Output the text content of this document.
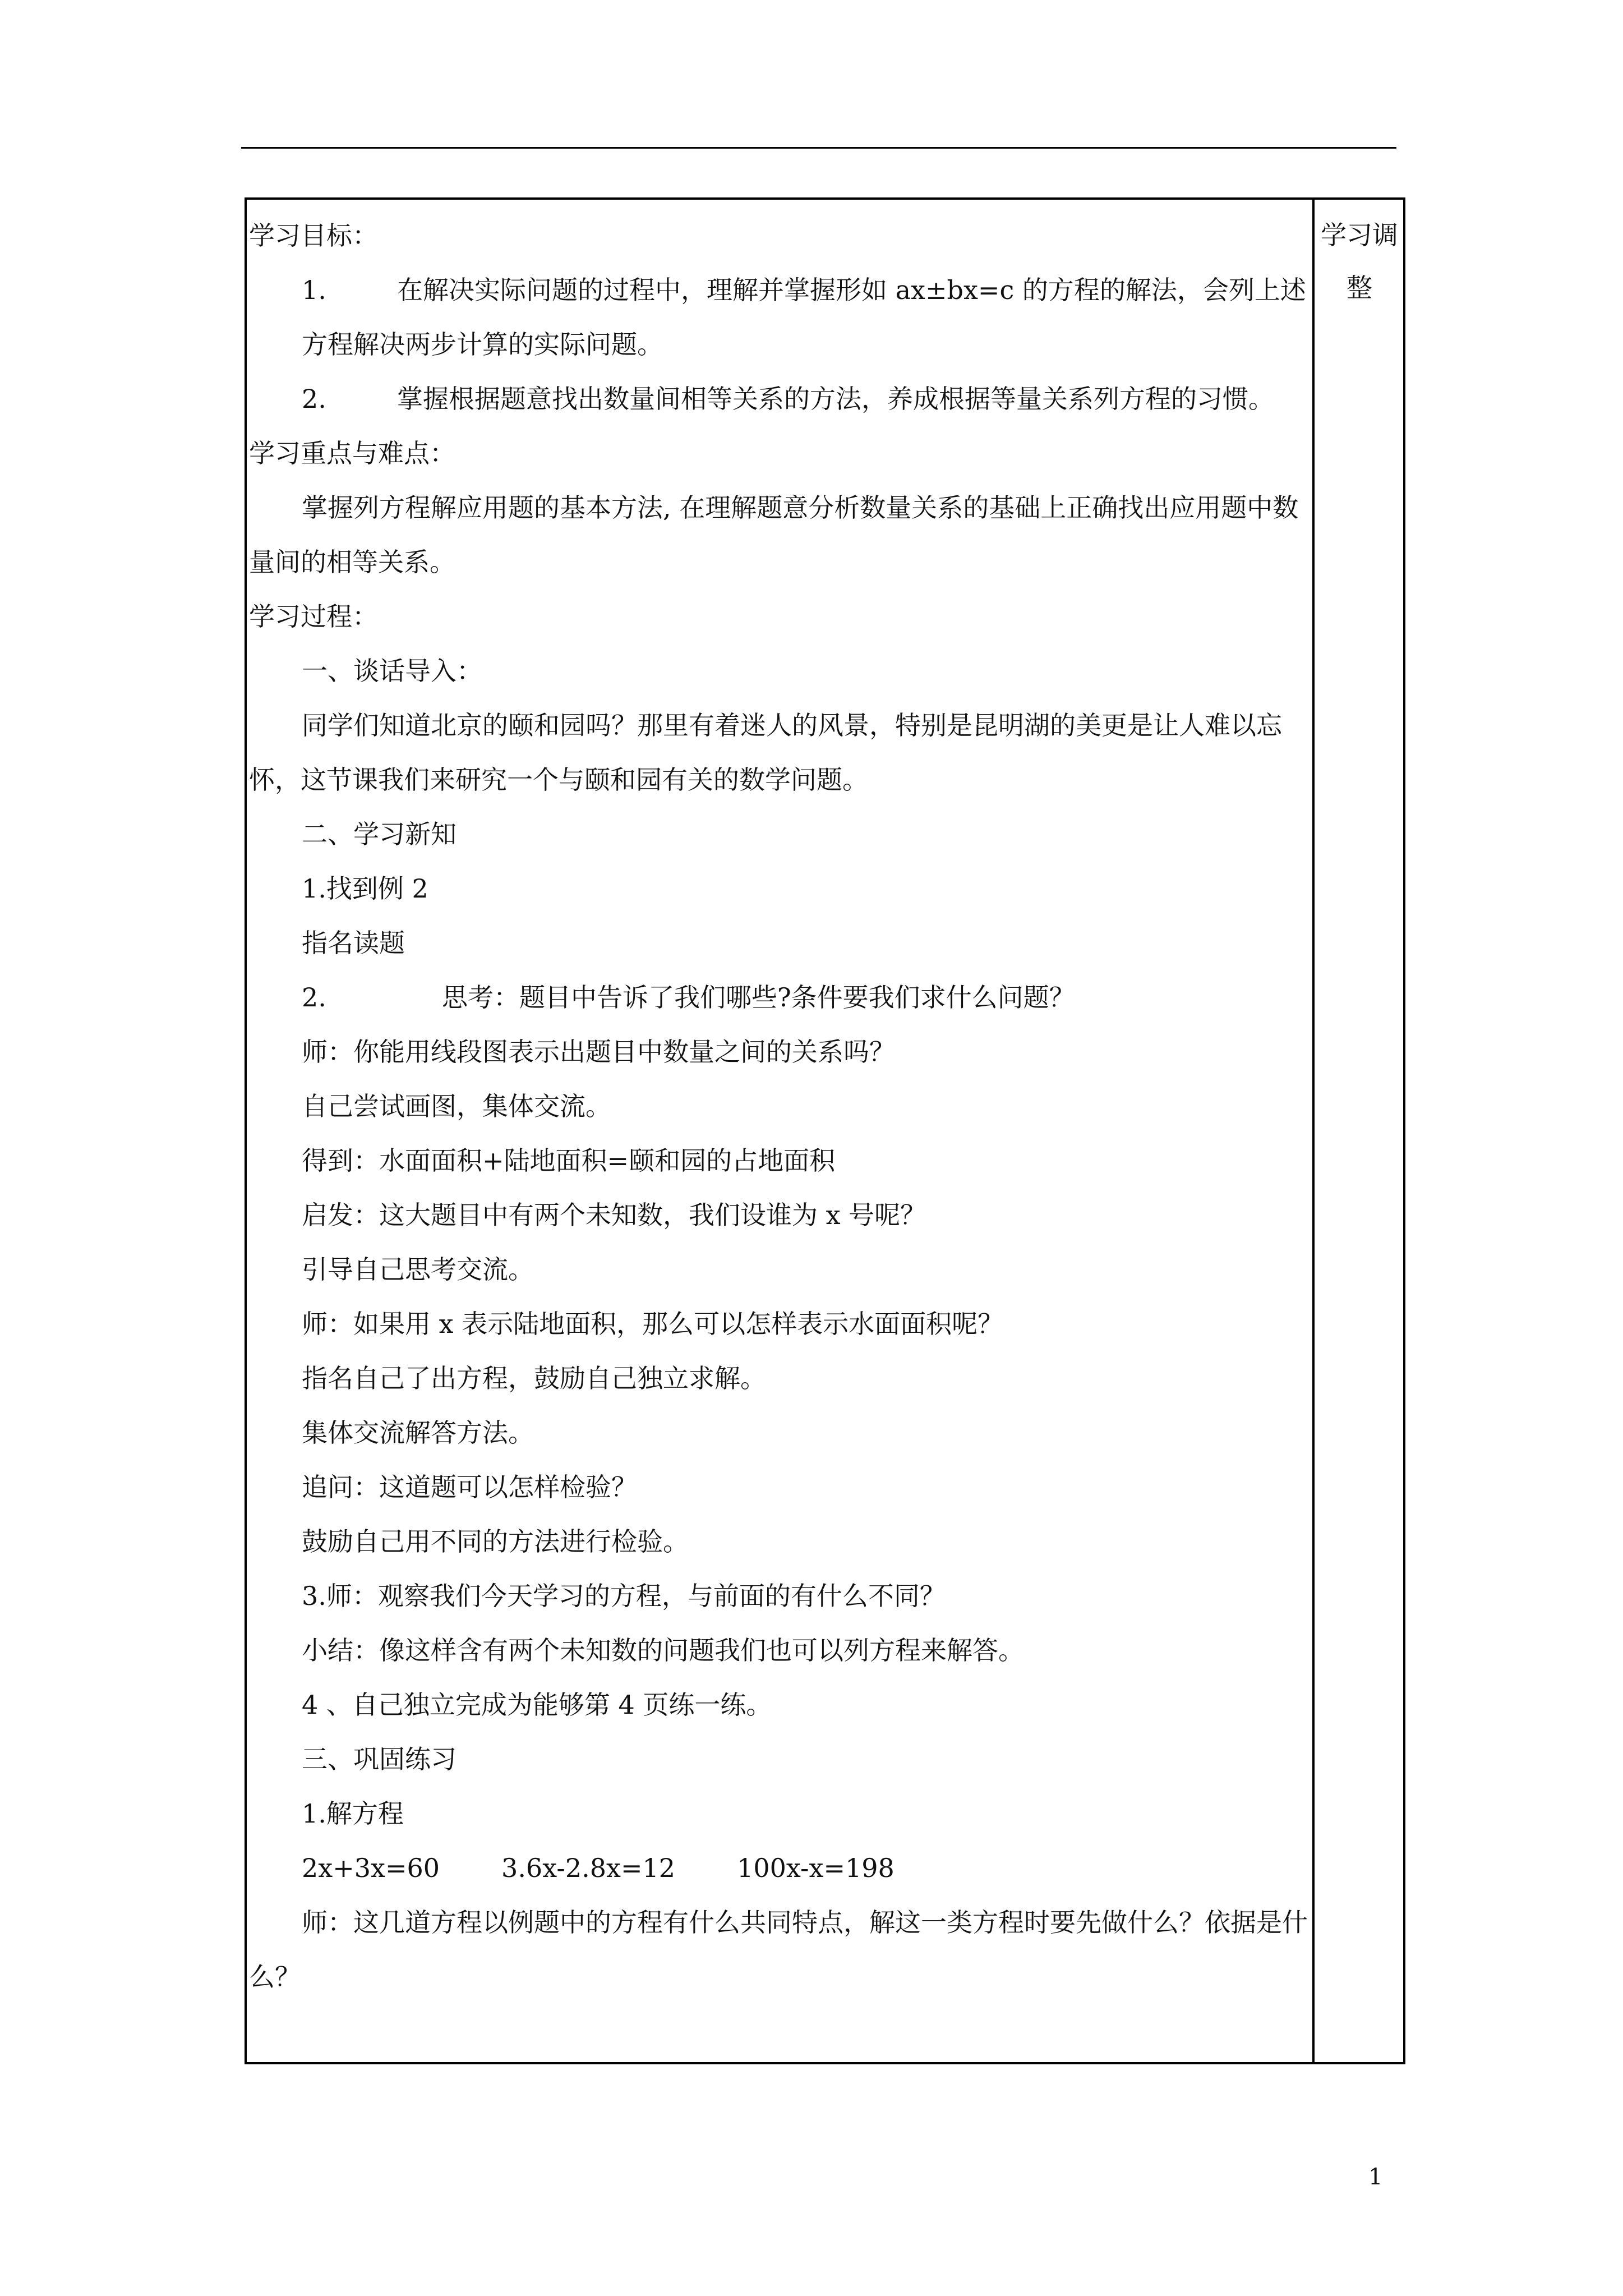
学习目标：
1.	在解决实际问题的过程中，理解并掌握形如 ax±bx=c 的方程的解法，会列上述方程解决两步计算的实际问题。
2.	掌握根据题意找出数量间相等关系的方法，养成根据等量关系列方程的习惯。
学习重点与难点：
掌握列方程解应用题的基本方法, 在理解题意分析数量关系的基础上正确找出应用题中数量间的相等关系。
学习过程：
一、谈话导入：
同学们知道北京的颐和园吗？那里有着迷人的风景，特别是昆明湖的美更是让人难以忘怀，这节课我们来研究一个与颐和园有关的数学问题。
二、学习新知
1.找到例 2
指名读题
2.	思考：题目中告诉了我们哪些?条件要我们求什么问题？
师：你能用线段图表示出题目中数量之间的关系吗？
自己尝试画图，集体交流。
得到：水面面积+陆地面积=颐和园的占地面积
启发：这大题目中有两个未知数，我们设谁为 x 号呢？
引导自己思考交流。
师：如果用 x 表示陆地面积，那么可以怎样表示水面面积呢？
指名自己了出方程，鼓励自己独立求解。
集体交流解答方法。
追问：这道题可以怎样检验？
鼓励自己用不同的方法进行检验。
3.师：观察我们今天学习的方程，与前面的有什么不同？
小结：像这样含有两个未知数的问题我们也可以列方程来解答。
4 、自己独立完成为能够第 4 页练一练。
三、巩固练习
1.解方程
2x+3x=60 3.6x-2.8x=12 100x-x=198
师：这几道方程以例题中的方程有什么共同特点，解这一类方程时要先做什么？依据是什么？
学习调
整
1
